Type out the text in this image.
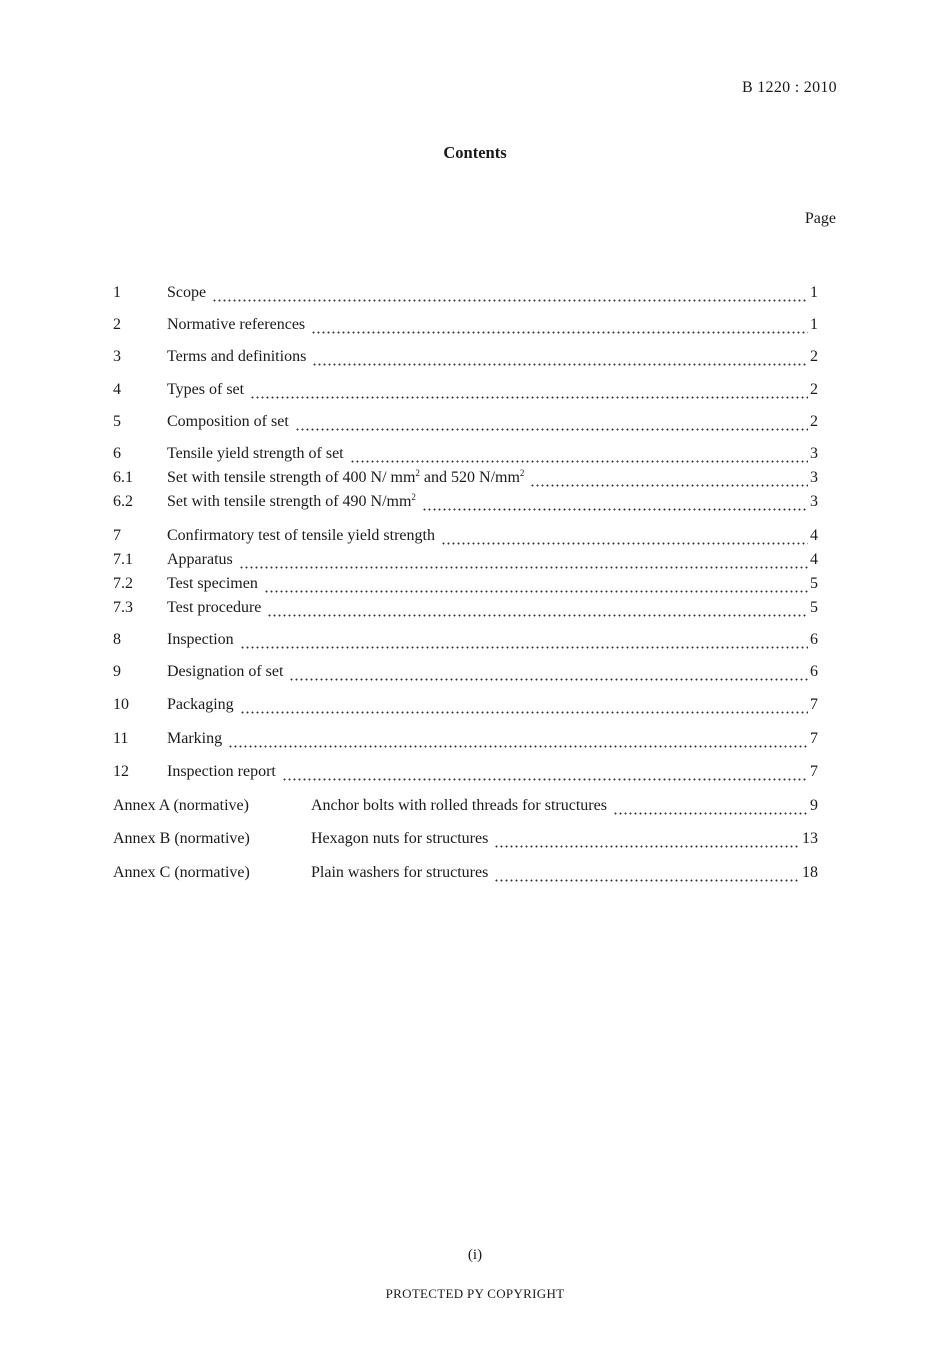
B 1220 : 2010
Contents
Page
1	Scope	1
2	Normative references	1
3	Terms and definitions	2
4	Types of set	2
5	Composition of set	2
6	Tensile yield strength of set	3
6.1	Set with tensile strength of 400 N/ $mm^2$ and 520 $N/mm^2$	3
6.2	Set with tensile strength of 490 $N/mm^2$	3
7	Confirmatory test of tensile yield strength	4
7.1	Apparatus	4
7.2	Test specimen	5
7.3	Test procedure	5
8	Inspection	6
9	Designation of set	6
10	Packaging	7
11	Marking	7
12	Inspection report	7
Annex A (normative)	Anchor bolts with rolled threads for structures	9
Annex B (normative)	Hexagon nuts for structures	13
Annex C (normative)	Plain washers for structures	18
(i)
PROTECTED PY COPYRIGHT
